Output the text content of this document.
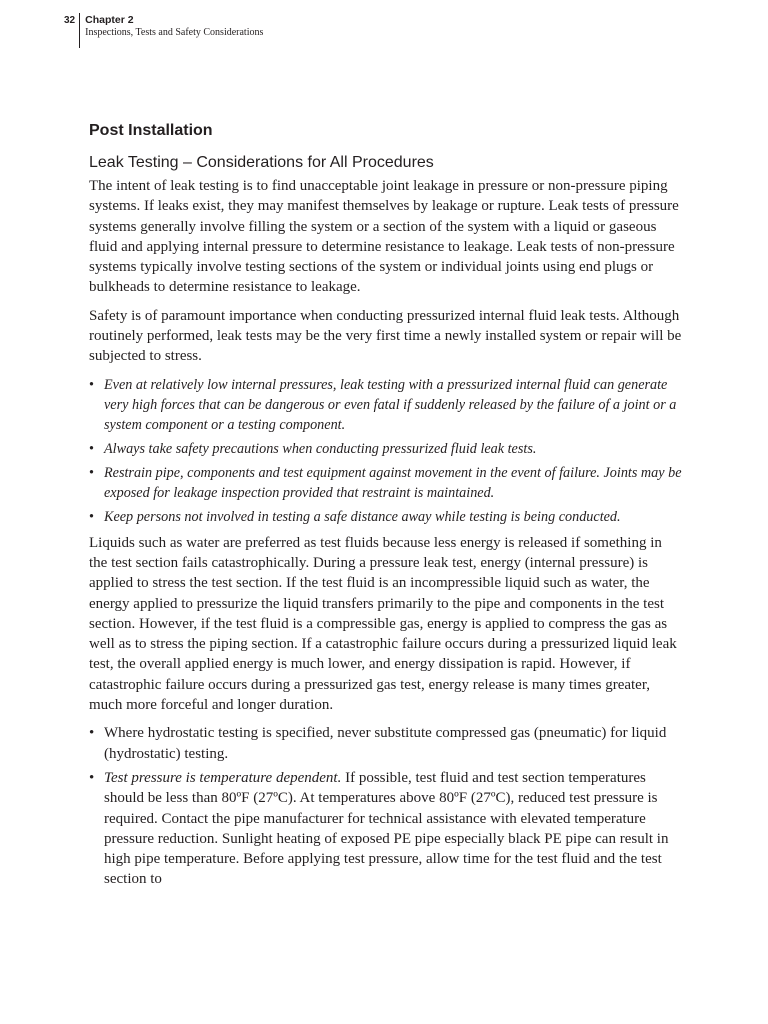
32 Chapter 2
Inspections, Tests and Safety Considerations
Post Installation
Leak Testing – Considerations for All Procedures

The intent of leak testing is to find unacceptable joint leakage in pressure or non-pressure piping systems. If leaks exist, they may manifest themselves by leakage or rupture. Leak tests of pressure systems generally involve filling the system or a section of the system with a liquid or gaseous fluid and applying internal pressure to determine resistance to leakage. Leak tests of non-pressure systems typically involve testing sections of the system or individual joints using end plugs or bulkheads to determine resistance to leakage.

Safety is of paramount importance when conducting pressurized internal fluid leak tests. Although routinely performed, leak tests may be the very first time a newly installed system or repair will be subjected to stress.

• Even at relatively low internal pressures, leak testing with a pressurized internal fluid can generate very high forces that can be dangerous or even fatal if suddenly released by the failure of a joint or a system component or a testing component.
• Always take safety precautions when conducting pressurized fluid leak tests.
• Restrain pipe, components and test equipment against movement in the event of failure. Joints may be exposed for leakage inspection provided that restraint is maintained.
• Keep persons not involved in testing a safe distance away while testing is being conducted.

Liquids such as water are preferred as test fluids because less energy is released if something in the test section fails catastrophically. During a pressure leak test, energy (internal pressure) is applied to stress the test section. If the test fluid is an incompressible liquid such as water, the energy applied to pressurize the liquid transfers primarily to the pipe and components in the test section. However, if the test fluid is a compressible gas, energy is applied to compress the gas as well as to stress the piping section. If a catastrophic failure occurs during a pressurized liquid leak test, the overall applied energy is much lower, and energy dissipation is rapid. However, if catastrophic failure occurs during a pressurized gas test, energy release is many times greater, much more forceful and longer duration.

• Where hydrostatic testing is specified, never substitute compressed gas (pneumatic) for liquid (hydrostatic) testing.
• Test pressure is temperature dependent. If possible, test fluid and test section temperatures should be less than 80ºF (27ºC). At temperatures above 80ºF (27ºC), reduced test pressure is required. Contact the pipe manufacturer for technical assistance with elevated temperature pressure reduction. Sunlight heating of exposed PE pipe especially black PE pipe can result in high pipe temperature. Before applying test pressure, allow time for the test fluid and the test section to
